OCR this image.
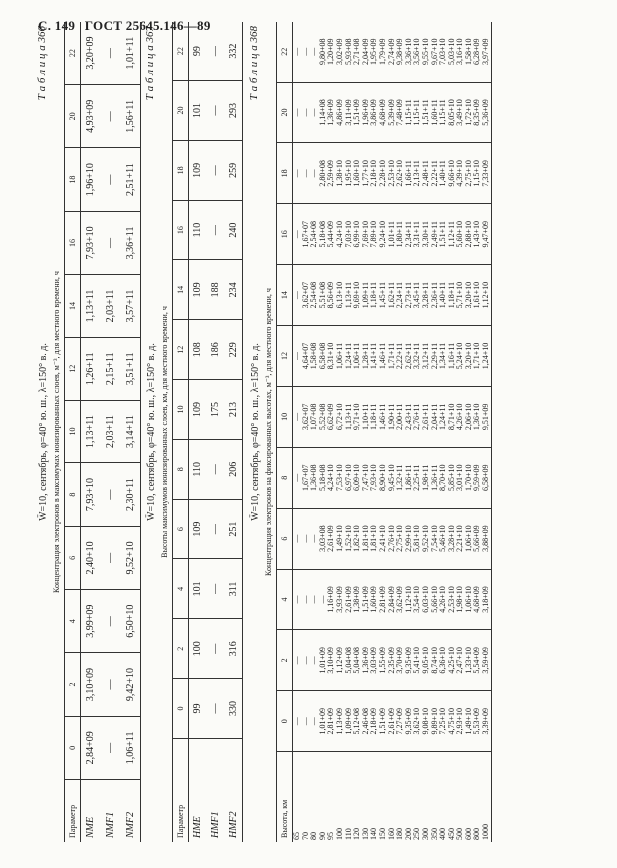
С. 149 ГОСТ 25645.146—89
Т а б л и ц а 366
W̄=10, сентябрь, φ=40° ю. ш., λ=150° в. д. Концентрация электронов в максимумах ионизированных слоев, м⁻³, для местного времени, ч
Параметр	0	2	4	6	8	10	12	14	16	18	20	22
NME	2,84+09	3,10+09	3,99+09	2,40+10	7,93+10	1,13+11	1,26+11	1,13+11	7,93+10	1,96+10	4,93+09	3,20+09
NMF1	—	—	—	—	—	2,03+11	2,15+11	2,03+11	—	—	—	—
NMF2	1,06+11	9,42+10	6,50+10	9,52+10	2,30+11	3,14+11	3,51+11	3,57+11	3,36+11	2,51+11	1,56+11	1,01+11 Т а б л и ц а 367
W̄=10, сентябрь, φ=40° ю. ш., λ=150° в. д. Высоты максимумов ионизированных слоев, км, для местного времени, ч
Параметр	0	2	4	6	8	10	12	14	16	18	20	22
HME	99	100	101	109	110	109	108	109	110	109	101	99
HMF1	—	—	—	—	—	175	186	188	—	—	—	—
HMF2	330	316	311	251	206	213	229	234	240	259	293	332 Т а б л и ц а 368
W̄=10, сентябрь, φ=40° ю. ш., λ=150° в. д. Концентрация электронов на фиксированных высотах, м⁻³, для местного времени, ч
Высота, км	0	2	4	6	8	10	12	14	16	18	20	22
65	—	—	—	—	—	—	—	—	—	—	—	—
70	—	—	—	—	1,67+07	3,62+07	4,64+07	3,62+07	1,67+07	—	—	—
80	—	—	—	—	1,36+08	1,07+08	1,58+08	2,54+08	2,54+08	—	—	—
90	1,01+09	1,01+09	—	3,03+08	5,18+08	5,52+08	6,58+08	5,51+08	5,18+08	2,80+08	1,14+08	9,80+08
95	2,81+09	3,10+09	1,16+09	2,61+09	4,24+10	6,62+09	8,31+10	8,56+09	5,44+09	2,59+09	1,36+09	1,20+09
100	1,13+09	1,12+09	3,93+09	1,49+10	7,53+10	6,72+10	1,06+11	6,13+10	4,24+10	1,38+10	4,86+09	3,02+09
110	1,09+09	5,04+08	2,61+09	1,52+10	6,97+10	1,13+11	1,24+11	1,13+11	7,03+10	1,95+10	3,11+09	5,93+08
120	5,12+08	5,04+08	1,38+09	1,82+10	6,09+10	9,71+10	1,06+11	9,69+10	6,99+10	1,60+10	1,51+09	2,71+08
130	2,46+08	1,36+09	1,51+09	1,81+10	7,47+10	1,10+11	1,28+11	1,09+11	7,69+10	1,77+10	1,96+09	2,04+09
140	2,18+09	3,03+09	1,60+09	1,81+10	7,93+10	1,18+11	1,41+11	1,18+11	7,89+10	2,18+10	3,86+09	1,95+09
150	1,51+09	1,55+09	2,81+09	2,41+10	8,90+10	1,46+11	1,46+11	1,45+11	9,24+10	2,28+10	4,68+09	1,79+09
160	2,61+09	2,35+09	2,84+09	2,76+10	9,45+10	1,90+11	1,71+11	1,62+11	1,01+11	2,53+10	5,39+09	2,74+09
180	7,27+09	3,70+09	3,62+09	2,75+10	1,32+11	2,00+11	2,22+11	2,24+11	1,80+11	2,62+10	7,48+09	9,38+09
200	9,35+09	9,35+09	1,12+10	2,99+10	1,86+11	2,43+11	2,62+11	2,73+11	2,34+11	1,66+11	1,15+11	3,36+10
250	3,62+10	5,41+10	3,54+10	5,81+10	2,25+11	2,76+11	3,32+11	3,45+11	3,31+11	2,13+11	1,15+11	3,56+10
300	9,08+10	9,05+10	6,03+10	9,52+10	1,98+11	2,61+11	3,12+11	3,28+11	3,30+11	2,48+11	1,51+11	9,55+10
350	9,89+10	8,74+10	5,66+10	7,54+10	1,36+11	2,04+11	2,29+11	2,36+11	2,49+11	2,22+11	1,60+11	9,67+10
400	7,25+10	6,36+10	4,26+10	5,46+10	8,70+10	1,24+11	1,34+11	1,40+11	1,51+11	1,40+11	1,15+11	7,03+10
450	4,75+10	4,25+10	2,53+10	3,28+10	5,85+10	8,71+10	1,16+11	1,18+11	1,12+11	9,66+10	8,05+10	5,03+10
500	2,93+10	2,47+10	1,98+10	2,21+10	3,01+10	4,26+10	5,24+10	5,71+10	5,60+10	4,39+10	3,49+10	3,16+10
600	1,49+10	1,33+10	1,06+10	1,06+10	1,70+10	2,06+10	3,20+10	3,20+10	2,88+10	2,75+10	1,72+10	1,58+10
800	5,53+09	5,54+09	4,68+09	5,66+09	9,59+09	1,36+10	1,71+10	1,61+10	1,43+10	1,15+10	8,35+09	6,28+09
1000	3,39+09	3,59+09	3,18+09	3,88+09	6,58+09	9,51+09	1,24+10	1,12+10	9,47+09	7,33+09	5,36+09	3,97+09
